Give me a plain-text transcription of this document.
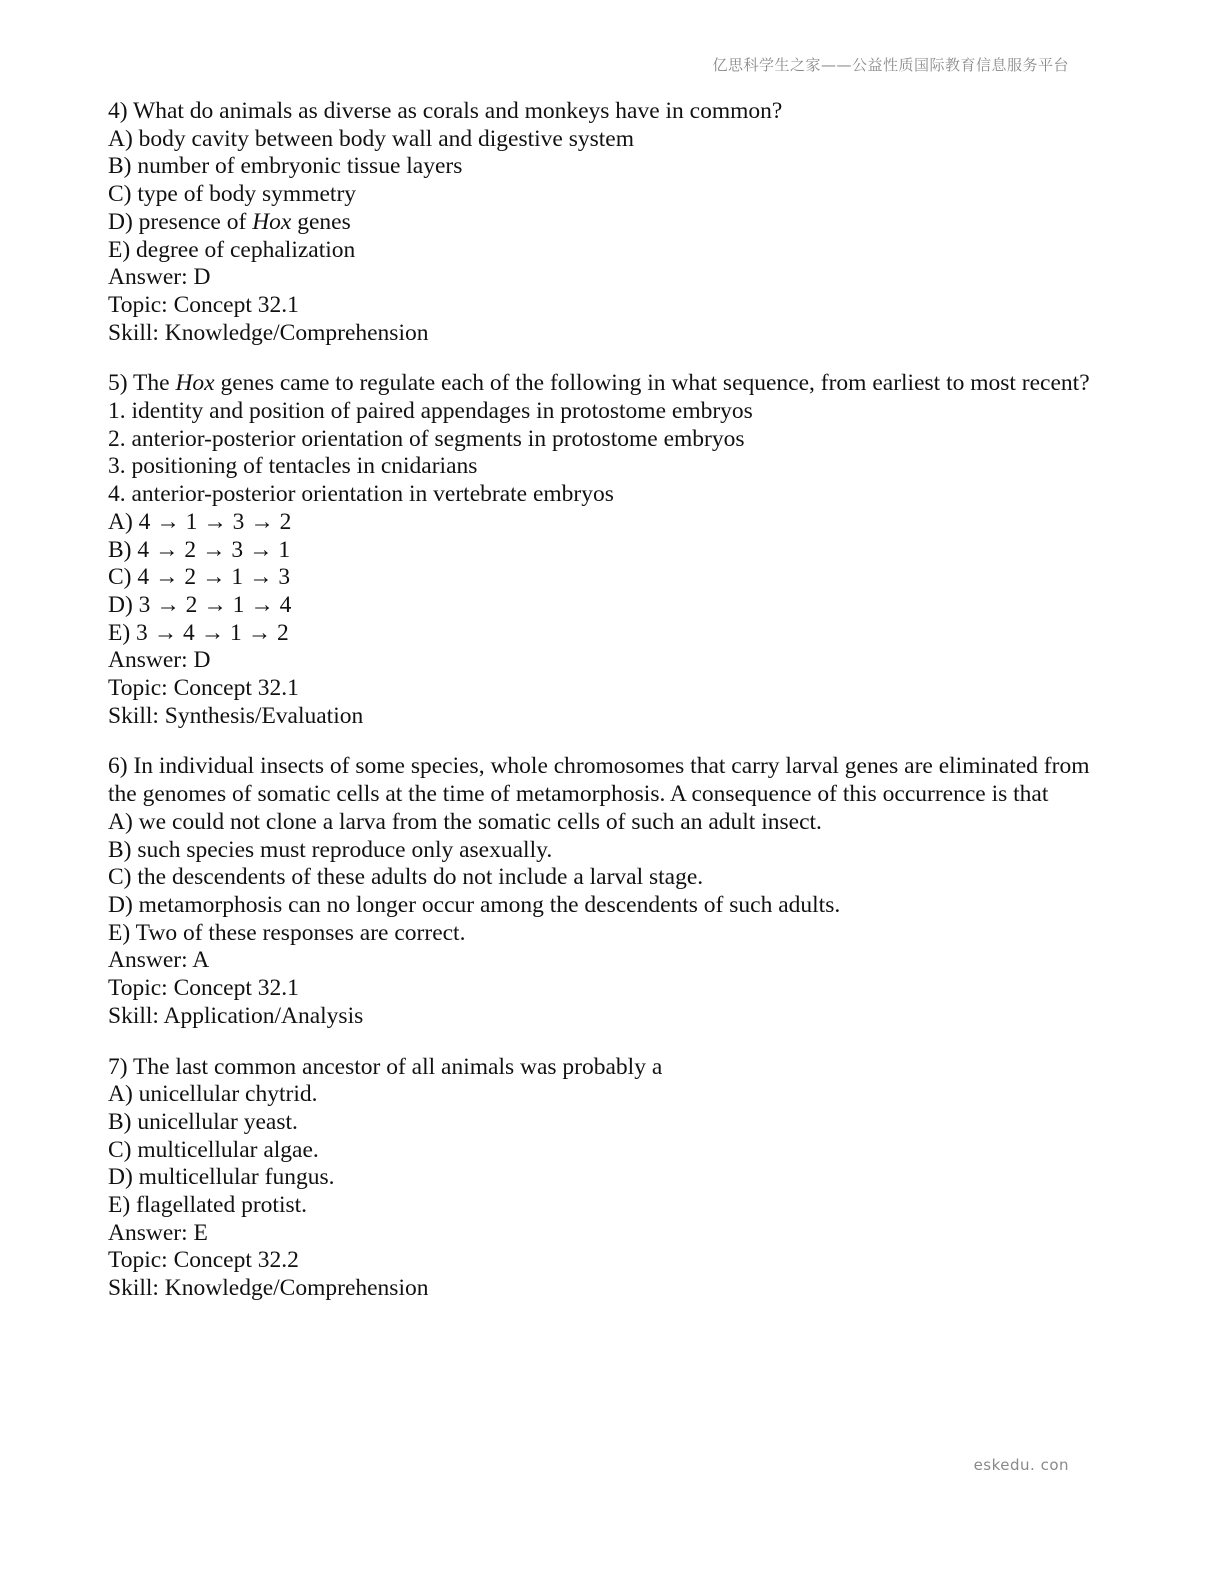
亿思科学生之家——公益性质国际教育信息服务平台
4) What do animals as diverse as corals and monkeys have in common?
A) body cavity between body wall and digestive system
B) number of embryonic tissue layers
C) type of body symmetry
D) presence of Hox genes
E) degree of cephalization
Answer: D
Topic: Concept 32.1
Skill: Knowledge/Comprehension
5) The Hox genes came to regulate each of the following in what sequence, from earliest to most recent?
1. identity and position of paired appendages in protostome embryos
2. anterior-posterior orientation of segments in protostome embryos
3. positioning of tentacles in cnidarians
4. anterior-posterior orientation in vertebrate embryos
A) 4 → 1 → 3 → 2
B) 4 → 2 → 3 → 1
C) 4 → 2 → 1 → 3
D) 3 → 2 → 1 → 4
E) 3 → 4 → 1 → 2
Answer: D
Topic: Concept 32.1
Skill: Synthesis/Evaluation
6) In individual insects of some species, whole chromosomes that carry larval genes are eliminated from
the genomes of somatic cells at the time of metamorphosis. A consequence of this occurrence is that
A) we could not clone a larva from the somatic cells of such an adult insect.
B) such species must reproduce only asexually.
C) the descendents of these adults do not include a larval stage.
D) metamorphosis can no longer occur among the descendents of such adults.
E) Two of these responses are correct.
Answer: A
Topic: Concept 32.1
Skill: Application/Analysis
7) The last common ancestor of all animals was probably a
A) unicellular chytrid.
B) unicellular yeast.
C) multicellular algae.
D) multicellular fungus.
E) flagellated protist.
Answer: E
Topic: Concept 32.2
Skill: Knowledge/Comprehension
eskedu. con
